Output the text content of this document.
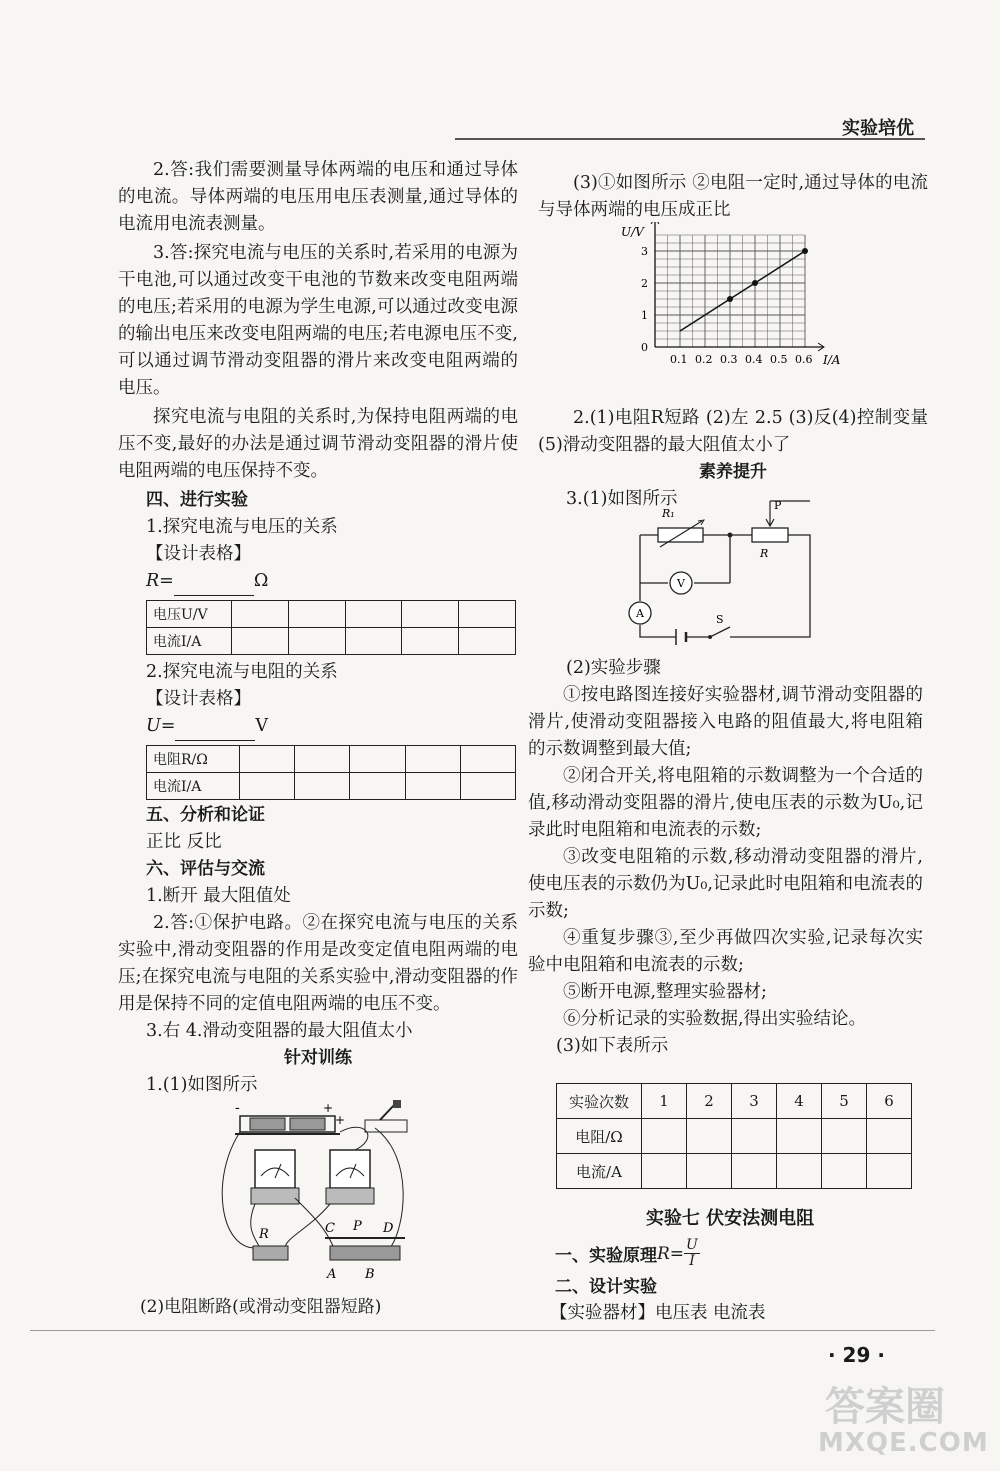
实验培优

2.答:我们需要测量导体两端的电压和通过导体的电流。导体两端的电压用电压表测量,通过导体的电流用电流表测量。

3.答:探究电流与电压的关系时,若采用的电源为干电池,可以通过改变干电池的节数来改变电阻两端的电压;若采用的电源为学生电源,可以通过改变电源的输出电压来改变电阻两端的电压;若电源电压不变,可以通过调节滑动变阻器的滑片来改变电阻两端的电压。

探究电流与电阻的关系时,为保持电阻两端的电压不变,最好的办法是通过调节滑动变阻器的滑片使电阻两端的电压保持不变。

四、进行实验

1.探究电流与电压的关系

【设计表格】

R=	Ω

电压U/V					
电流I/A					

2.探究电流与电阻的关系

【设计表格】

U=	V

电阻R/Ω					
电流I/A					

五、分析和论证

正比 反比

六、评估与交流

1.断开 最大阻值处

2.答:①保护电路。②在探究电流与电压的关系实验中,滑动变阻器的作用是改变定值电阻两端的电压;在探究电流与电阻的关系实验中,滑动变阻器的作用是保持不同的定值电阻两端的电压不变。

3.右 4.滑动变阻器的最大阻值太小

针对训练

1.(1)如图所示

-	+
+
R	C P D
A B
(2)电阻断路(或滑动变阻器短路)

(3)①如图所示 ②电阻一定时,通过导体的电流与导体两端的电压成正比

0.1 0.2 0.3 0.4 0.5 0.6
0
1
2
3
U/V
I/A

2.(1)电阻R短路 (2)左 2.5 (3)反(4)控制变量 (5)滑动变阻器的最大阻值太小了

素养提升

3.(1)如图所示

R₁
P
R
V
A	S

(2)实验步骤

①按电路图连接好实验器材,调节滑动变阻器的滑片,使滑动变阻器接入电路的阻值最大,将电阻箱的示数调整到最大值;

②闭合开关,将电阻箱的示数调整为一个合适的值,移动滑动变阻器的滑片,使电压表的示数为U₀,记录此时电阻箱和电流表的示数;

③改变电阻箱的示数,移动滑动变阻器的滑片,使电压表的示数仍为U₀,记录此时电阻箱和电流表的示数;

④重复步骤③,至少再做四次实验,记录每次实验中电阻箱和电流表的示数;

⑤断开电源,整理实验器材;

⑥分析记录的实验数据,得出实验结论。

(3)如下表所示

实验次数	1	2	3	4	5	6
电阻/Ω						
电流/A						
实验七 伏安法测电阻
一、实验原理 $R= \frac{U}{I}$
二、设计实验
【实验器材】电压表 电流表
· 29 ·
答案圈
MXQE.COM
